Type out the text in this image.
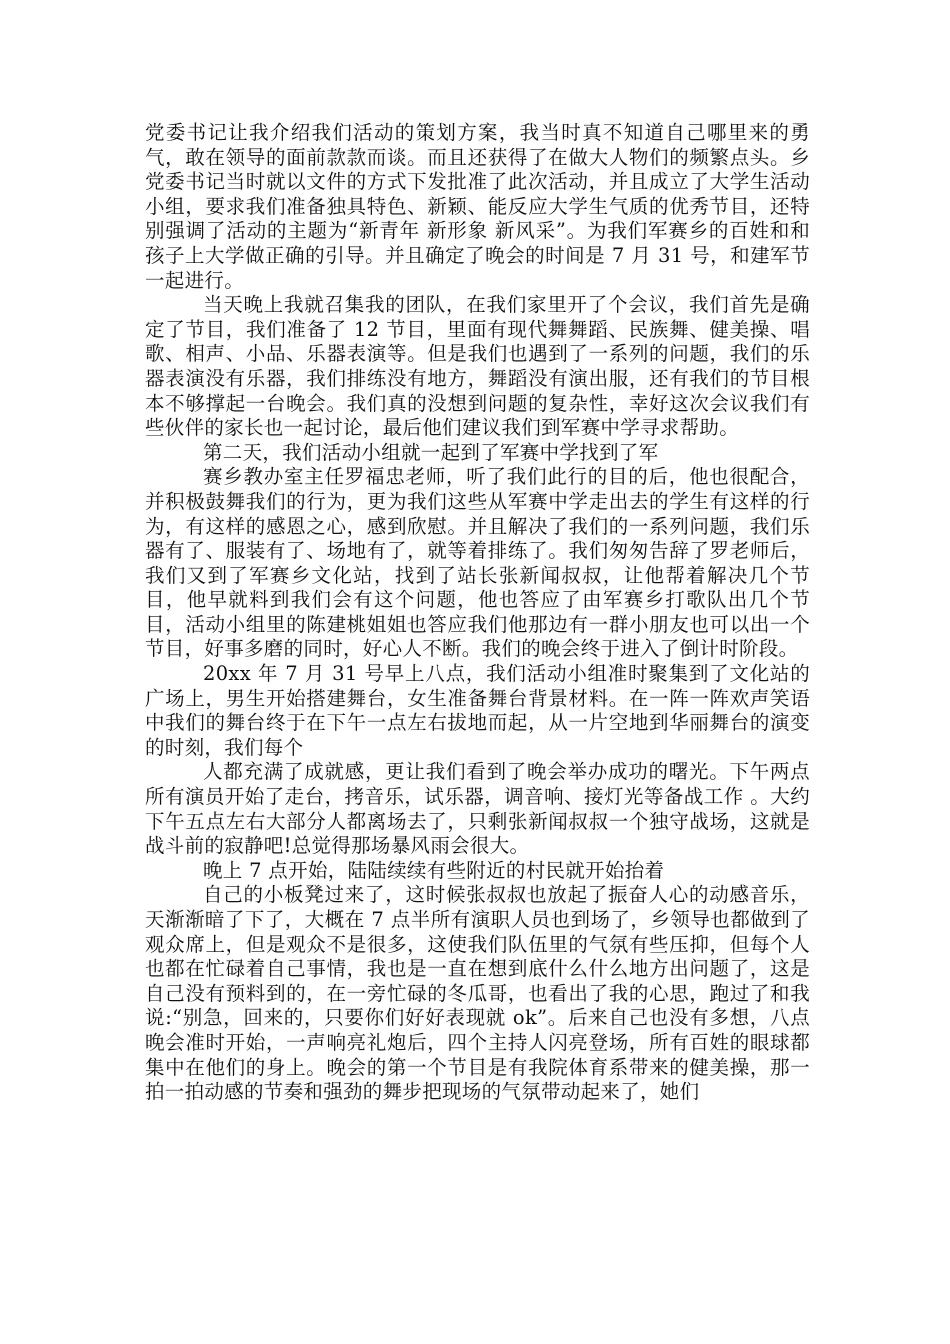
党委书记让我介绍我们活动的策划方案，我当时真不知道自己哪里来的勇气，敢在领导的面前款款而谈。而且还获得了在做大人物们的频繁点头。乡党委书记当时就以文件的方式下发批准了此次活动，并且成立了大学生活动小组，要求我们准备独具特色、新颖、能反应大学生气质的优秀节目，还特别强调了活动的主题为“新青年 新形象 新风采”。为我们军赛乡的百姓和和孩子上大学做正确的引导。并且确定了晚会的时间是 7 月 31 号，和建军节一起进行。

当天晚上我就召集我的团队，在我们家里开了个会议，我们首先是确定了节目，我们准备了 12 节目，里面有现代舞舞蹈、民族舞、健美操、唱歌、相声、小品、乐器表演等。但是我们也遇到了一系列的问题，我们的乐器表演没有乐器，我们排练没有地方，舞蹈没有演出服，还有我们的节目根本不够撑起一台晚会。我们真的没想到问题的复杂性，幸好这次会议我们有些伙伴的家长也一起讨论，最后他们建议我们到军赛中学寻求帮助。

第二天，我们活动小组就一起到了军赛中学找到了军

赛乡教办室主任罗福忠老师，听了我们此行的目的后，他也很配合，并积极鼓舞我们的行为，更为我们这些从军赛中学走出去的学生有这样的行为，有这样的感恩之心，感到欣慰。并且解决了我们的一系列问题，我们乐器有了、服装有了、场地有了，就等着排练了。我们匆匆告辞了罗老师后，我们又到了军赛乡文化站，找到了站长张新闻叔叔，让他帮着解决几个节目，他早就料到我们会有这个问题，他也答应了由军赛乡打歌队出几个节目，活动小组里的陈建桃姐姐也答应我们他那边有一群小朋友也可以出一个节目，好事多磨的同时，好心人不断。我们的晚会终于进入了倒计时阶段。

20xx 年 7 月 31 号早上八点，我们活动小组准时聚集到了文化站的广场上，男生开始搭建舞台，女生准备舞台背景材料。在一阵一阵欢声笑语中我们的舞台终于在下午一点左右拔地而起，从一片空地到华丽舞台的演变的时刻，我们每个

人都充满了成就感，更让我们看到了晚会举办成功的曙光。下午两点所有演员开始了走台，拷音乐，试乐器，调音响、接灯光等备战工作 。大约下午五点左右大部分人都离场去了，只剩张新闻叔叔一个独守战场，这就是战斗前的寂静吧!总觉得那场暴风雨会很大。

晚上 7 点开始，陆陆续续有些附近的村民就开始抬着

自己的小板凳过来了，这时候张叔叔也放起了振奋人心的动感音乐，天渐渐暗了下了，大概在 7 点半所有演职人员也到场了，乡领导也都做到了观众席上，但是观众不是很多，这使我们队伍里的气氛有些压抑，但每个人也都在忙碌着自己事情，我也是一直在想到底什么什么地方出问题了，这是自己没有预料到的，在一旁忙碌的冬瓜哥，也看出了我的心思，跑过了和我说:“别急，回来的，只要你们好好表现就 ok”。后来自己也没有多想，八点晚会准时开始，一声响亮礼炮后，四个主持人闪亮登场，所有百姓的眼球都集中在他们的身上。晚会的第一个节目是有我院体育系带来的健美操，那一拍一拍动感的节奏和强劲的舞步把现场的气氛带动起来了，她们
